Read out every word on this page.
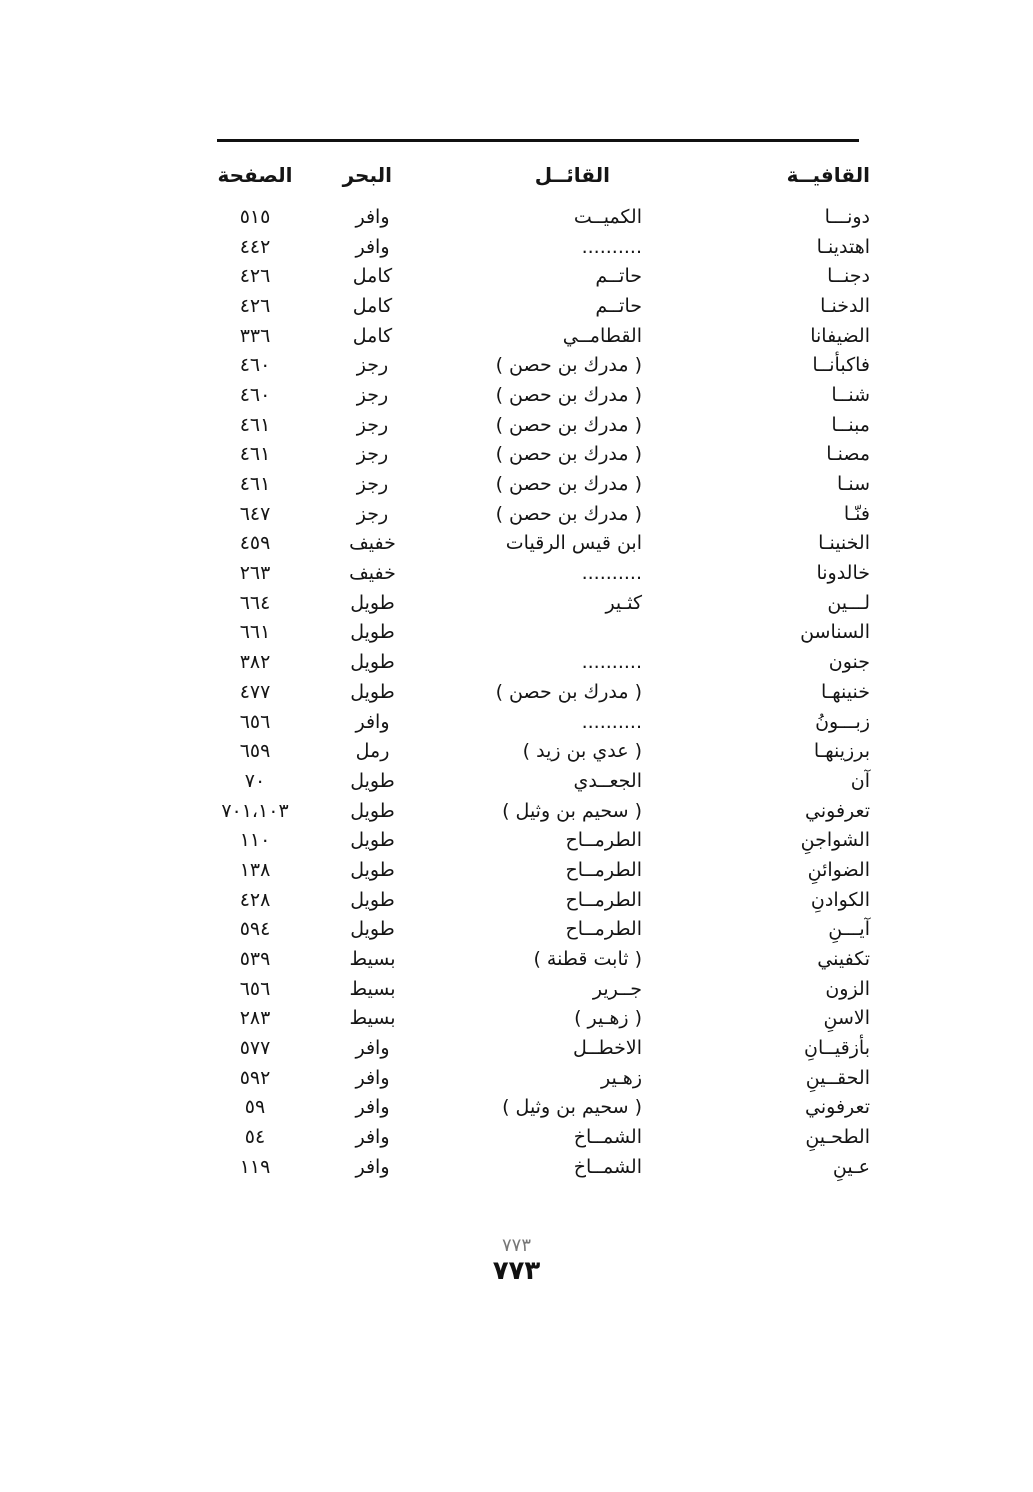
القافيــة
القائــل
البحر
الصفحة
دونـــا
الكميــت
وافر
٥١٥
اهتدينـا
..........
وافر
٤٤٢
دجنــا
حاتــم
كامل
٤٢٦
الدخنـا
حاتــم
كامل
٤٢٦
الضيفانا
القطامــي
كامل
٣٣٦
فاكبأنــا
( مدرك بن حصن )
رجز
٤٦٠
شنــا
( مدرك بن حصن )
رجز
٤٦٠
مبنــا
( مدرك بن حصن )
رجز
٤٦١
مصنـا
( مدرك بن حصن )
رجز
٤٦١
سنـا
( مدرك بن حصن )
رجز
٤٦١
فنّـا
( مدرك بن حصن )
رجز
٦٤٧
الخنينـا
ابن قيس الرقيات
خفيف
٤٥٩
خالدونا
..........
خفيف
٢٦٣
لـــين
كثـير
طويل
٦٦٤
السناسن
طويل
٦٦١
جنون
..........
طويل
٣٨٢
خنينهـا
( مدرك بن حصن )
طويل
٤٧٧
زبـــونُ
..........
وافر
٦٥٦
برزينهـا
( عدي بن زيد )
رمل
٦٥٩
آن
الجعــدي
طويل
٧٠
تعرفوني
( سحيم بن وثيل )
طويل
٧٠١،١٠٣
الشواجنِ
الطرمــاح
طويل
١١٠
الضوائنِ
الطرمــاح
طويل
١٣٨
الكوادنِ
الطرمــاح
طويل
٤٢٨
آيـــنِ
الطرمــاح
طويل
٥٩٤
تكفيني
( ثابت قطنة )
بسيط
٥٣٩
الزون
جــرير
بسيط
٦٥٦
الاسنِ
( زهـير )
بسيط
٢٨٣
بأزقيــانِ
الاخطــل
وافر
٥٧٧
الحقــينِ
زهـير
وافر
٥٩٢
تعرفوني
( سحيم بن وثيل )
وافر
٥٩
الطحـينِ
الشمــاخ
وافر
٥٤
عـينِ
الشمــاخ
وافر
١١٩
٧٧٣
٧٧٣
